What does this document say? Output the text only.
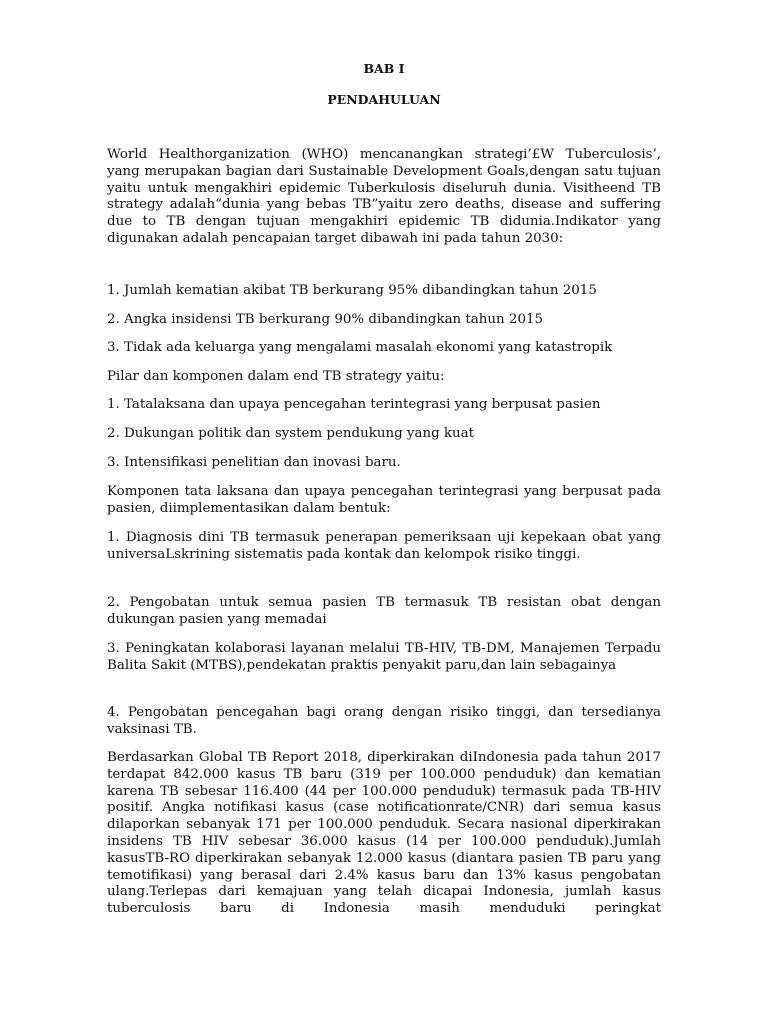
BAB I
PENDAHULUAN

World Healthorganization (WHO) mencanangkan strategi’£W Tuberculosis’, yang merupakan bagian dari Sustainable Development Goals,dengan satu tujuan yaitu untuk mengakhiri epidemic Tuberkulosis diseluruh dunia. Visitheend TB strategy adalah“dunia yang bebas TB”yaitu zero deaths, disease and suffering due to TB dengan tujuan mengakhiri epidemic TB didunia.Indikator yang digunakan adalah pencapaian target dibawah ini pada tahun 2030:

1. Jumlah kematian akibat TB berkurang 95% dibandingkan tahun 2015

2. Angka insidensi TB berkurang 90% dibandingkan tahun 2015

3. Tidak ada keluarga yang mengalami masalah ekonomi yang katastropik

Pilar dan komponen dalam end TB strategy yaitu:

1. Tatalaksana dan upaya pencegahan terintegrasi yang berpusat pasien

2. Dukungan politik dan system pendukung yang kuat

3. Intensifikasi penelitian dan inovasi baru.

Komponen tata laksana dan upaya pencegahan terintegrasi yang berpusat pada pasien, diimplementasikan dalam bentuk:

1. Diagnosis dini TB termasuk penerapan pemeriksaan uji kepekaan obat yang universaLskrining sistematis pada kontak dan kelompok risiko tinggi.

2. Pengobatan untuk semua pasien TB termasuk TB resistan obat dengan dukungan pasien yang memadai

3. Peningkatan kolaborasi layanan melalui TB-HIV, TB-DM, Manajemen Terpadu Balita Sakit (MTBS),pendekatan praktis penyakit paru,dan lain sebagainya

4. Pengobatan pencegahan bagi orang dengan risiko tinggi, dan tersedianya vaksinasi TB.

Berdasarkan Global TB Report 2018, diperkirakan diIndonesia pada tahun 2017 terdapat 842.000 kasus TB baru (319 per 100.000 penduduk) dan kematian karena TB sebesar 116.400 (44 per 100.000 penduduk) termasuk pada TB-HIV positif. Angka notifikasi kasus (case notificationrate/CNR) dari semua kasus dilaporkan sebanyak 171 per 100.000 penduduk. Secara nasional diperkirakan insidens TB HIV sebesar 36.000 kasus (14 per 100.000 penduduk).Jumlah kasusTB-RO diperkirakan sebanyak 12.000 kasus (diantara pasien TB paru yang temotifikasi) yang berasal dari 2.4% kasus baru dan 13% kasus pengobatan ulang.Terlepas dari kemajuan yang telah dicapai Indonesia, jumlah kasus tuberculosis baru di Indonesia masih menduduki peringkat
